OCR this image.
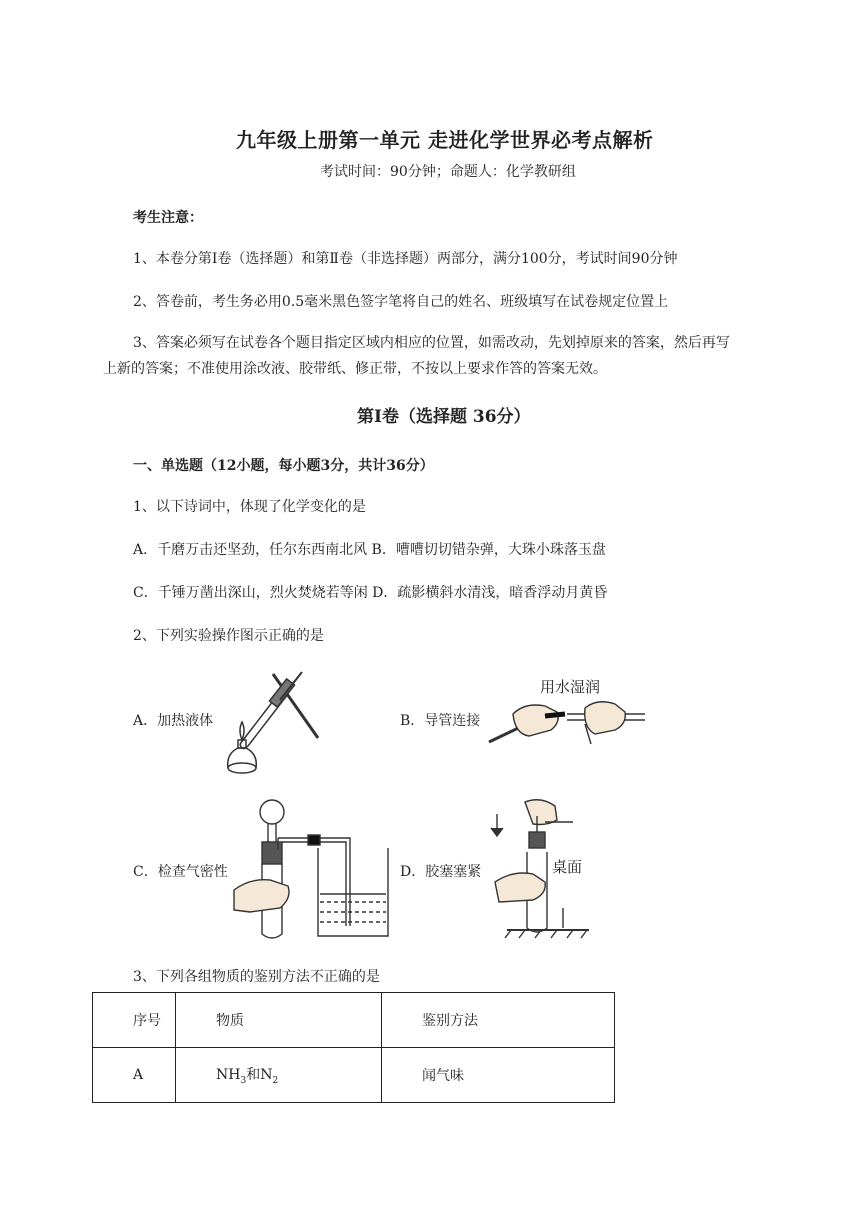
九年级上册第一单元 走进化学世界必考点解析
考试时间：90分钟；命题人：化学教研组
考生注意：
1、本卷分第Ⅰ卷（选择题）和第Ⅱ卷（非选择题）两部分，满分100分，考试时间90分钟
2、答卷前，考生务必用0.5毫米黑色签字笔将自己的姓名、班级填写在试卷规定位置上
3、答案必须写在试卷各个题目指定区域内相应的位置，如需改动，先划掉原来的答案，然后再写
上新的答案；不准使用涂改液、胶带纸、修正带，不按以上要求作答的答案无效。
第Ⅰ卷（选择题 36分）
一、单选题（12小题，每小题3分，共计36分）
1、以下诗词中，体现了化学变化的是
A．千磨万击还坚劲，任尔东西南北风 B．嘈嘈切切错杂弹，大珠小珠落玉盘
C．千锤万凿出深山，烈火焚烧若等闲 D．疏影横斜水清浅，暗香浮动月黄昏
2、下列实验操作图示正确的是
A．加热液体	B．导管连接
用水湿润
C．检查气密性	D．胶塞塞紧	桌面
3、下列各组物质的鉴别方法不正确的是
序号	物质	鉴别方法
A	$NH_3$和$N_2$	闻气味
